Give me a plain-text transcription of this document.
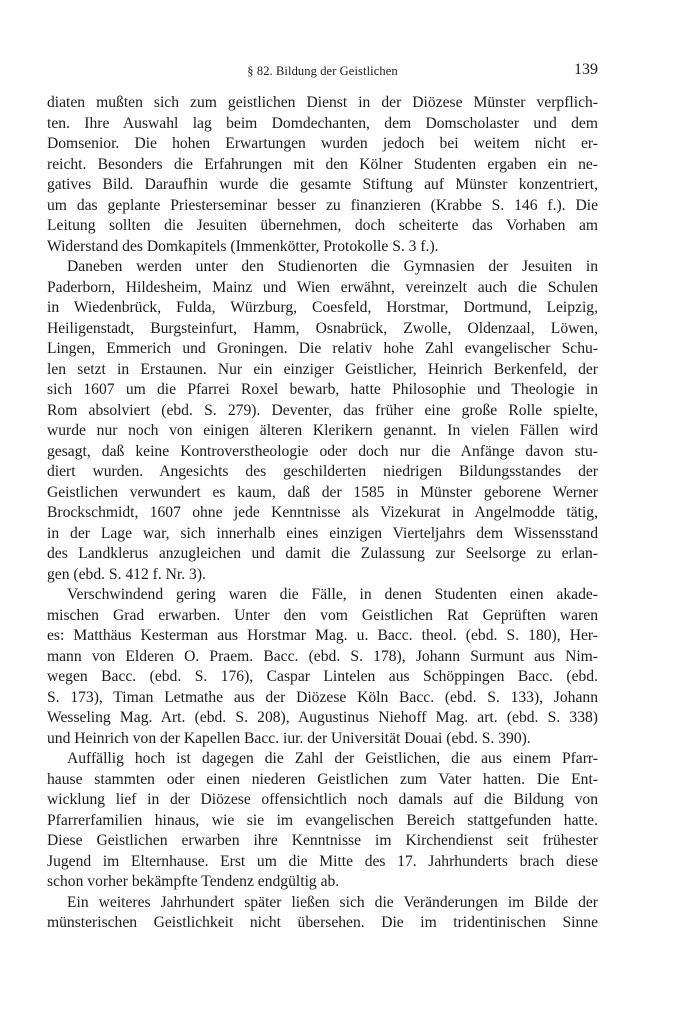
§ 82. Bildung der Geistlichen	139
diaten mußten sich zum geistlichen Dienst in der Diözese Münster verpflich-
ten. Ihre Auswahl lag beim Domdechanten, dem Domscholaster und dem
Domsenior. Die hohen Erwartungen wurden jedoch bei weitem nicht er-
reicht. Besonders die Erfahrungen mit den Kölner Studenten ergaben ein ne-
gatives Bild. Daraufhin wurde die gesamte Stiftung auf Münster konzentriert,
um das geplante Priesterseminar besser zu finanzieren (Krabbe S. 146 f.). Die
Leitung sollten die Jesuiten übernehmen, doch scheiterte das Vorhaben am
Widerstand des Domkapitels (Immenkötter, Protokolle S. 3 f.).
Daneben werden unter den Studienorten die Gymnasien der Jesuiten in
Paderborn, Hildesheim, Mainz und Wien erwähnt, vereinzelt auch die Schulen
in Wiedenbrück, Fulda, Würzburg, Coesfeld, Horstmar, Dortmund, Leipzig,
Heiligenstadt, Burgsteinfurt, Hamm, Osnabrück, Zwolle, Oldenzaal, Löwen,
Lingen, Emmerich und Groningen. Die relativ hohe Zahl evangelischer Schu-
len setzt in Erstaunen. Nur ein einziger Geistlicher, Heinrich Berkenfeld, der
sich 1607 um die Pfarrei Roxel bewarb, hatte Philosophie und Theologie in
Rom absolviert (ebd. S. 279). Deventer, das früher eine große Rolle spielte,
wurde nur noch von einigen älteren Klerikern genannt. In vielen Fällen wird
gesagt, daß keine Kontroverstheologie oder doch nur die Anfänge davon stu-
diert wurden. Angesichts des geschilderten niedrigen Bildungsstandes der
Geistlichen verwundert es kaum, daß der 1585 in Münster geborene Werner
Brockschmidt, 1607 ohne jede Kenntnisse als Vizekurat in Angelmodde tätig,
in der Lage war, sich innerhalb eines einzigen Vierteljahrs dem Wissensstand
des Landklerus anzugleichen und damit die Zulassung zur Seelsorge zu erlan-
gen (ebd. S. 412 f. Nr. 3).
Verschwindend gering waren die Fälle, in denen Studenten einen akade-
mischen Grad erwarben. Unter den vom Geistlichen Rat Geprüften waren
es: Matthäus Kesterman aus Horstmar Mag. u. Bacc. theol. (ebd. S. 180), Her-
mann von Elderen O. Praem. Bacc. (ebd. S. 178), Johann Surmunt aus Nim-
wegen Bacc. (ebd. S. 176), Caspar Lintelen aus Schöppingen Bacc. (ebd.
S. 173), Timan Letmathe aus der Diözese Köln Bacc. (ebd. S. 133), Johann
Wesseling Mag. Art. (ebd. S. 208), Augustinus Niehoff Mag. art. (ebd. S. 338)
und Heinrich von der Kapellen Bacc. iur. der Universität Douai (ebd. S. 390).
Auffällig hoch ist dagegen die Zahl der Geistlichen, die aus einem Pfarr-
hause stammten oder einen niederen Geistlichen zum Vater hatten. Die Ent-
wicklung lief in der Diözese offensichtlich noch damals auf die Bildung von
Pfarrerfamilien hinaus, wie sie im evangelischen Bereich stattgefunden hatte.
Diese Geistlichen erwarben ihre Kenntnisse im Kirchendienst seit frühester
Jugend im Elternhause. Erst um die Mitte des 17. Jahrhunderts brach diese
schon vorher bekämpfte Tendenz endgültig ab.
Ein weiteres Jahrhundert später ließen sich die Veränderungen im Bilde der
münsterischen Geistlichkeit nicht übersehen. Die im tridentinischen Sinne
